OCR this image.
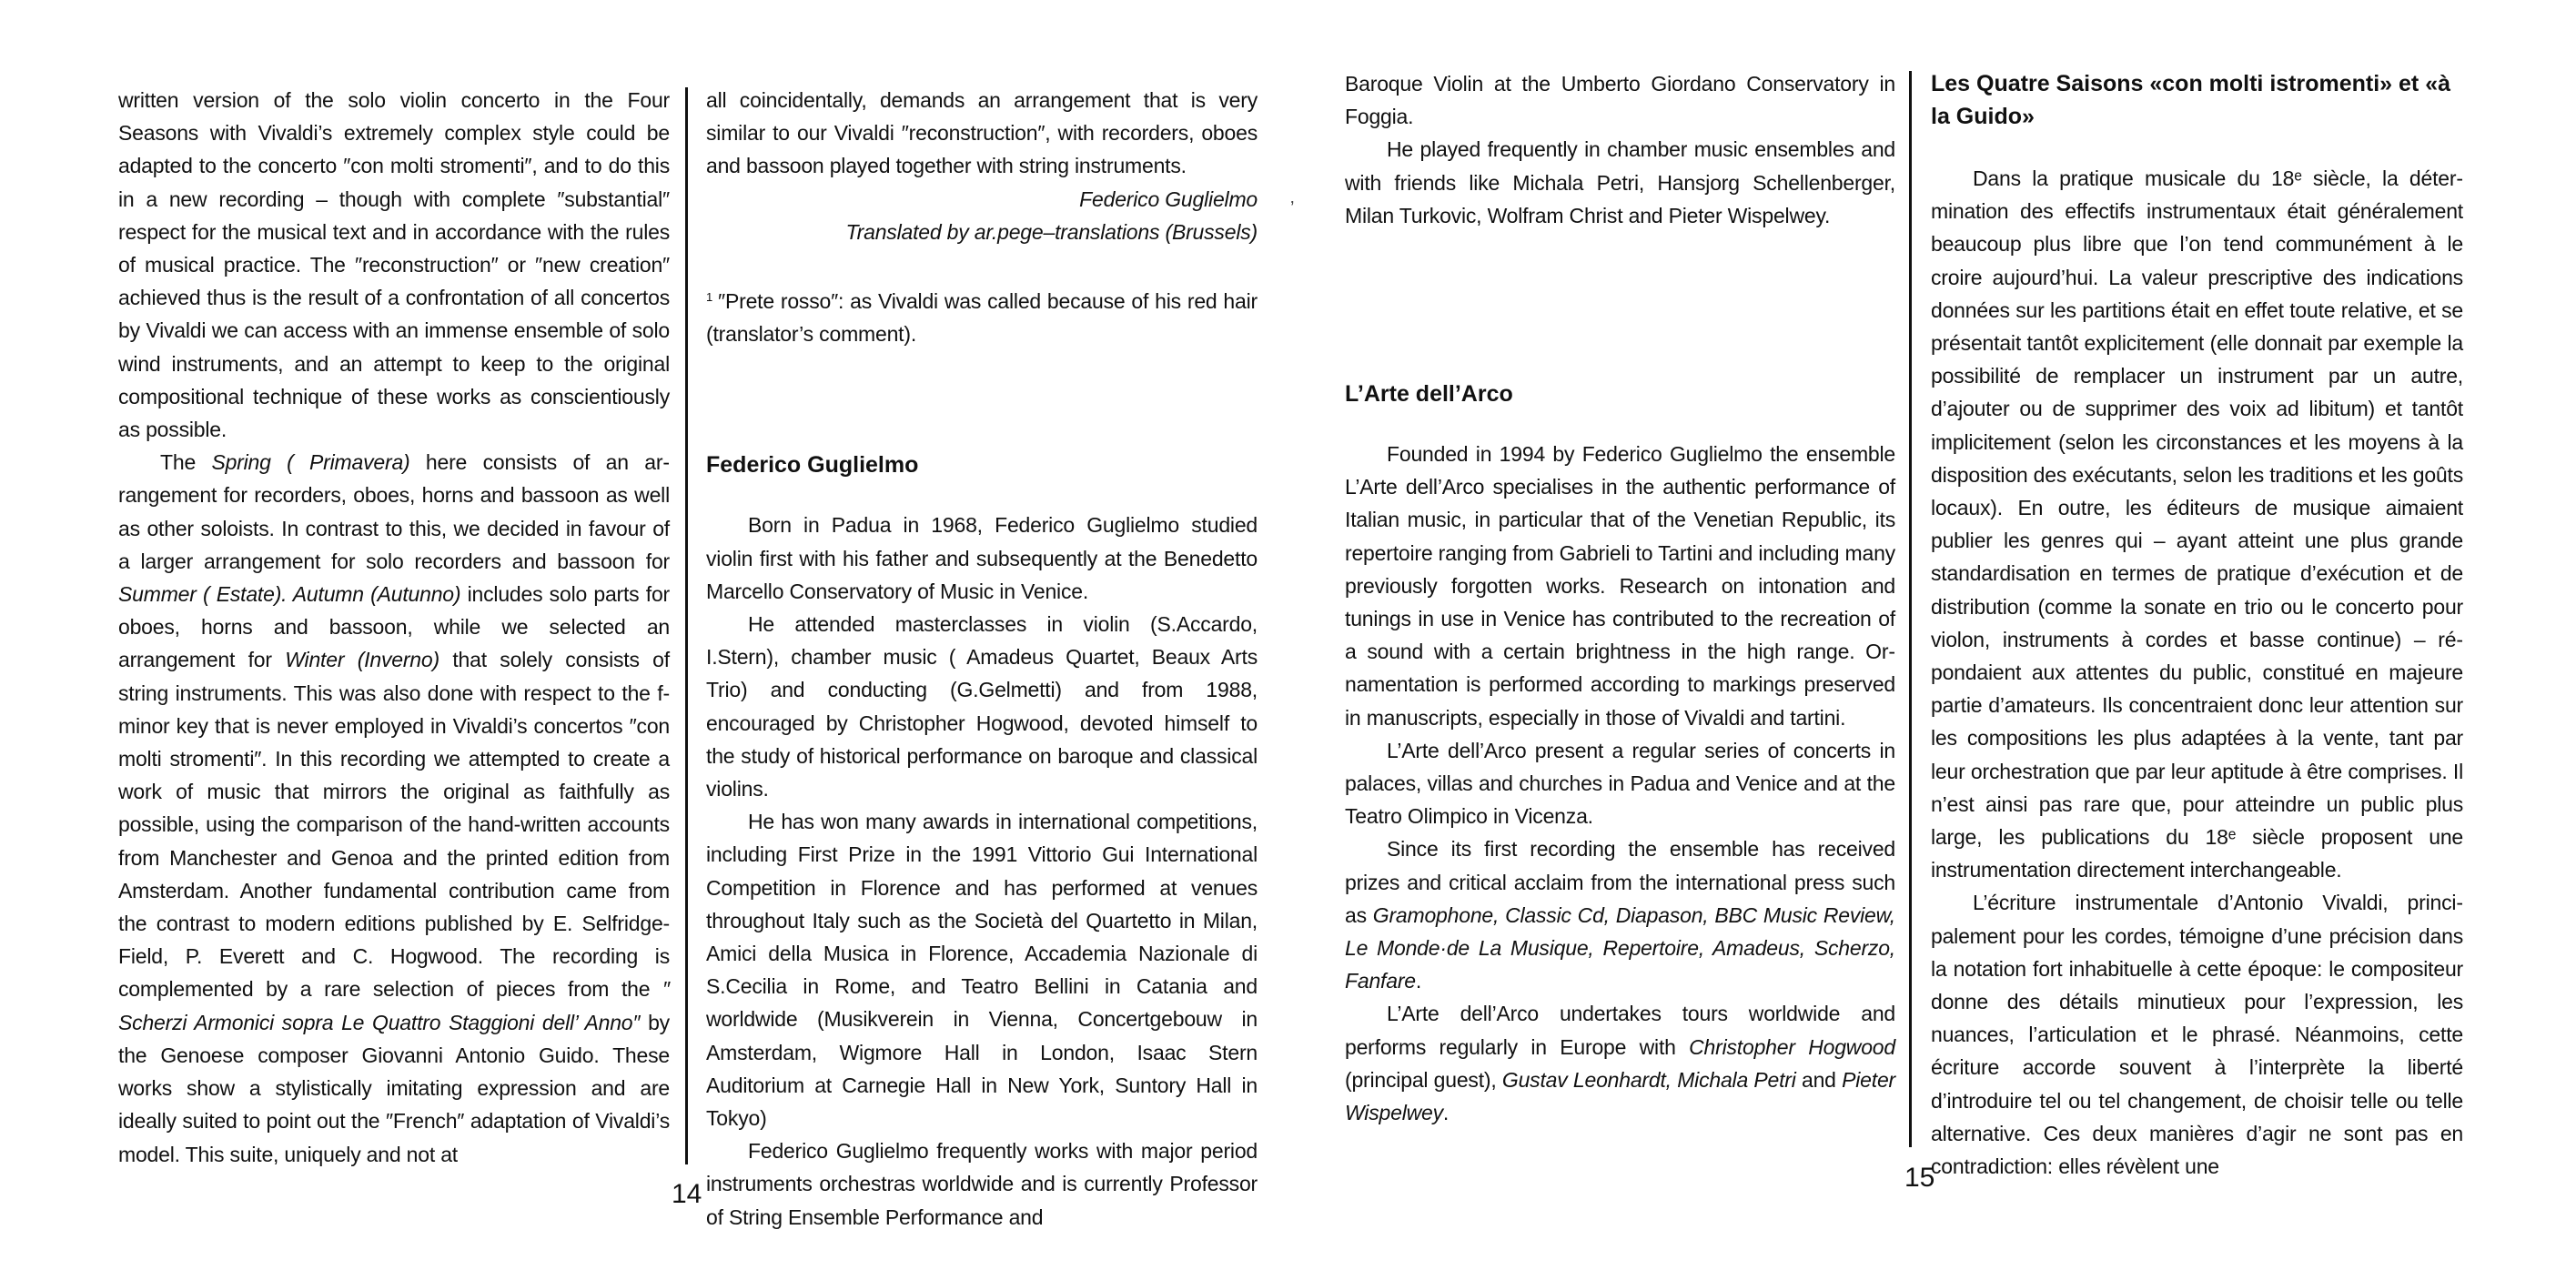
written version of the solo violin concerto in the Four Seasons with Vivaldi’s extremely complex style could be adapted to the concerto ″con molti stromenti″, and to do this in a new recording – though with complete ″substantial″ respect for the musical text and in accordance with the rules of musical practice. The ″reconstruction″ or ″new creation″ achieved thus is the result of a confrontation of all concertos by Vivaldi we can access with an immense ensemble of solo wind instruments, and an attempt to keep to the original compositional technique of these works as conscientiously as possible.

The Spring ( Primavera) here consists of an arrangement for recorders, oboes, horns and bassoon as well as other soloists. In contrast to this, we decided in favour of a larger arrangement for solo recorders and bassoon for Summer ( Estate). Autumn (Autunno) includes solo parts for oboes, horns and bassoon, while we selected an arrangement for Winter (Inverno) that solely consists of string instruments. This was also done with respect to the f-minor key that is never employed in Vivaldi’s concertos ″con molti stromenti″. In this recording we attempted to create a work of music that mirrors the original as faithfully as possible, using the comparison of the hand-written accounts from Manchester and Genoa and the printed edition from Amsterdam. Another fundamental contribution came from the contrast to modern editions published by E. Selfridge-Field, P. Everett and C. Hogwood. The recording is complemented by a rare selection of pieces from the ″ Scherzi Armonici sopra Le Quattro Staggioni dell’ Anno″ by the Genoese composer Giovanni Antonio Guido. These works show a stylistically imitating expression and are ideally suited to point out the ″French″ adaptation of Vivaldi’s model. This suite, uniquely and not at

all coincidentally, demands an arrangement that is very similar to our Vivaldi ″reconstruction″, with recorders, oboes and bassoon played together with string instruments.

Federico Guglielmo
Translated by ar.pege–translations (Brussels)

$^1$ ″Prete rosso″: as Vivaldi was called because of his red hair (translator’s comment).

Federico Guglielmo

Born in Padua in 1968, Federico Guglielmo studied violin first with his father and subsequently at the Benedetto Marcello Conservatory of Music in Venice.

He attended masterclasses in violin (S.Accardo, I.Stern), chamber music ( Amadeus Quartet, Beaux Arts Trio) and conducting (G.Gelmetti) and from 1988, encouraged by Christopher Hogwood, devoted himself to the study of historical performance on baroque and classical violins.

He has won many awards in international competitions, including First Prize in the 1991 Vittorio Gui International Competition in Florence and has performed at venues throughout Italy such as the Società del Quartetto in Milan, Amici della Musica in Florence, Accademia Nazionale di S.Cecilia in Rome, and Teatro Bellini in Catania and worldwide (Musikverein in Vienna, Concertgebouw in Amsterdam, Wigmore Hall in London, Isaac Stern Auditorium at Carnegie Hall in New York, Suntory Hall in Tokyo)

Federico Guglielmo frequently works with major period instruments orchestras worldwide and is currently Professor of String Ensemble Performance and

14

Baroque Violin at the Umberto Giordano Conservatory in Foggia.

He played frequently in chamber music ensembles and with friends like Michala Petri, Hansjorg Schellenberger, Milan Turkovic, Wolfram Christ and Pieter Wispelwey.

L’Arte dell’Arco

Founded in 1994 by Federico Guglielmo the ensemble L’Arte dell’Arco specialises in the authentic performance of Italian music, in particular that of the Venetian Republic, its repertoire ranging from Gabrieli to Tartini and including many previously forgotten works. Research on intonation and tunings in use in Venice has contributed to the recreation of a sound with a certain brightness in the high range. Ornamentation is performed according to markings preserved in manuscripts, especially in those of Vivaldi and tartini.

L’Arte dell’Arco present a regular series of concerts in palaces, villas and churches in Padua and Venice and at the Teatro Olimpico in Vicenza.

Since its first recording the ensemble has received prizes and critical acclaim from the international press such as Gramophone, Classic Cd, Diapason, BBC Music Review, Le Monde·de La Musique, Repertoire, Amadeus, Scherzo, Fanfare.

L’Arte dell’Arco undertakes tours worldwide and performs regularly in Europe with Christopher Hogwood (principal guest), Gustav Leonhardt, Michala Petri and Pieter Wispelwey.

Les Quatre Saisons «con molti istromenti» et «à la Guido»

Dans la pratique musicale du 18ᵉ siècle, la détermination des effectifs instrumentaux était généralement beaucoup plus libre que l’on tend communément à le croire aujourd’hui. La valeur prescriptive des indications données sur les partitions était en effet toute relative, et se présentait tantôt explicitement (elle donnait par exemple la possibilité de remplacer un instrument par un autre, d’ajouter ou de supprimer des voix ad libitum) et tantôt implicitement (selon les circonstances et les moyens à la disposition des exécutants, selon les traditions et les goûts locaux). En outre, les éditeurs de musique aimaient publier les genres qui – ayant atteint une plus grande standardisation en termes de pratique d’exécution et de distribution (comme la sonate en trio ou le concerto pour violon, instruments à cordes et basse continue) – répondaient aux attentes du public, constitué en majeure partie d’amateurs. Ils concentraient donc leur attention sur les compositions les plus adaptées à la vente, tant par leur orchestration que par leur aptitude à être comprises. Il n’est ainsi pas rare que, pour atteindre un public plus large, les publications du 18ᵉ siècle proposent une instrumentation directement interchangeable.

L’écriture instrumentale d’Antonio Vivaldi, principalement pour les cordes, témoigne d’une précision dans la notation fort inhabituelle à cette époque: le compositeur donne des détails minutieux pour l’expression, les nuances, l’articulation et le phrasé. Néanmoins, cette écriture accorde souvent à l’interprète la liberté d’introduire tel ou tel changement, de choisir telle ou telle alternative. Ces deux manières d’agir ne sont pas en contradiction: elles révèlent une

15
’
